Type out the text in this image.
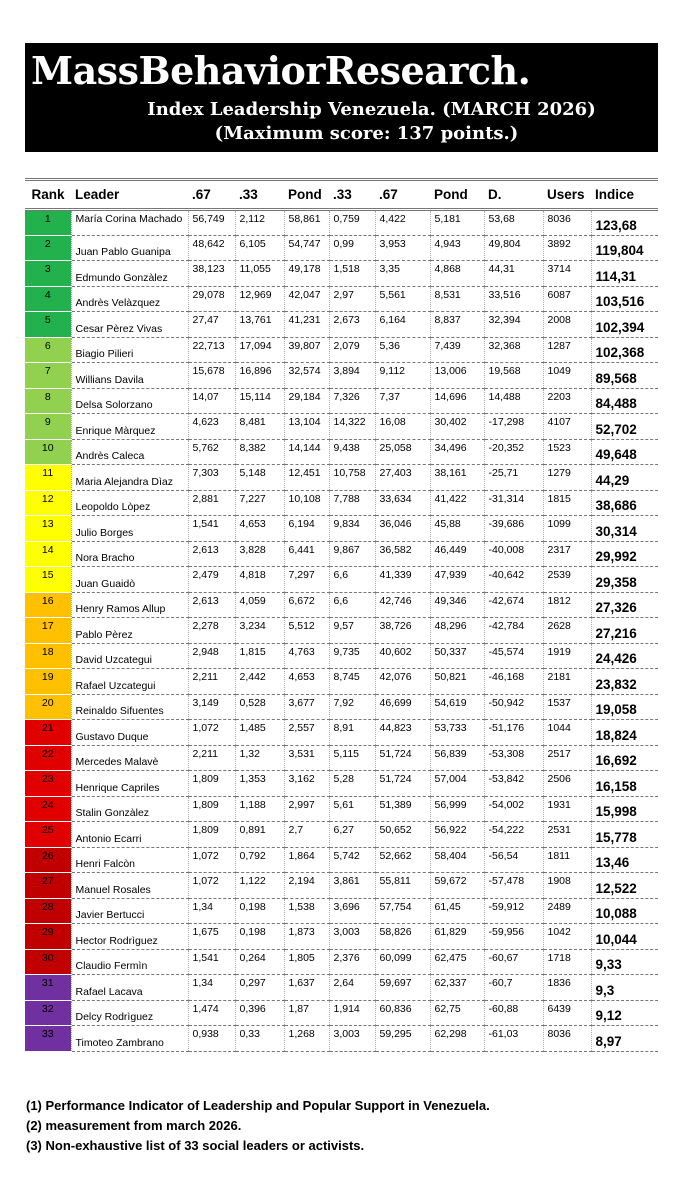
MassBehaviorResearch.
Index Leadership Venezuela. (MARCH 2026)
(Maximum score: 137 points.)
Rank	Leader	.67	.33	Pond	.33	.67	Pond	D.	Users	Indice
1	María Corina Machado	56,749	2,112	58,861	0,759	4,422	5,181	53,68	8036	123,68
2	Juan Pablo Guanipa	48,642	6,105	54,747	0,99	3,953	4,943	49,804	3892	119,804
3	Edmundo Gonzàlez	38,123	11,055	49,178	1,518	3,35	4,868	44,31	3714	114,31
4	Andrès Velàzquez	29,078	12,969	42,047	2,97	5,561	8,531	33,516	6087	103,516
5	Cesar Pèrez Vivas	27,47	13,761	41,231	2,673	6,164	8,837	32,394	2008	102,394
6	Biagio Pilieri	22,713	17,094	39,807	2,079	5,36	7,439	32,368	1287	102,368
7	Willians Davila	15,678	16,896	32,574	3,894	9,112	13,006	19,568	1049	89,568
8	Delsa Solorzano	14,07	15,114	29,184	7,326	7,37	14,696	14,488	2203	84,488
9	Enrique Màrquez	4,623	8,481	13,104	14,322	16,08	30,402	-17,298	4107	52,702
10	Andrès Caleca	5,762	8,382	14,144	9,438	25,058	34,496	-20,352	1523	49,648
11	Maria Alejandra Dìaz	7,303	5,148	12,451	10,758	27,403	38,161	-25,71	1279	44,29
12	Leopoldo Lòpez	2,881	7,227	10,108	7,788	33,634	41,422	-31,314	1815	38,686
13	Julio Borges	1,541	4,653	6,194	9,834	36,046	45,88	-39,686	1099	30,314
14	Nora Bracho	2,613	3,828	6,441	9,867	36,582	46,449	-40,008	2317	29,992
15	Juan Guaidò	2,479	4,818	7,297	6,6	41,339	47,939	-40,642	2539	29,358
16	Henry Ramos Allup	2,613	4,059	6,672	6,6	42,746	49,346	-42,674	1812	27,326
17	Pablo Pèrez	2,278	3,234	5,512	9,57	38,726	48,296	-42,784	2628	27,216
18	David Uzcategui	2,948	1,815	4,763	9,735	40,602	50,337	-45,574	1919	24,426
19	Rafael Uzcategui	2,211	2,442	4,653	8,745	42,076	50,821	-46,168	2181	23,832
20	Reinaldo Sifuentes	3,149	0,528	3,677	7,92	46,699	54,619	-50,942	1537	19,058
21	Gustavo Duque	1,072	1,485	2,557	8,91	44,823	53,733	-51,176	1044	18,824
22	Mercedes Malavè	2,211	1,32	3,531	5,115	51,724	56,839	-53,308	2517	16,692
23	Henrique Capriles	1,809	1,353	3,162	5,28	51,724	57,004	-53,842	2506	16,158
24	Stalin Gonzàlez	1,809	1,188	2,997	5,61	51,389	56,999	-54,002	1931	15,998
25	Antonio Ecarri	1,809	0,891	2,7	6,27	50,652	56,922	-54,222	2531	15,778
26	Henri Falcòn	1,072	0,792	1,864	5,742	52,662	58,404	-56,54	1811	13,46
27	Manuel Rosales	1,072	1,122	2,194	3,861	55,811	59,672	-57,478	1908	12,522
28	Javier Bertucci	1,34	0,198	1,538	3,696	57,754	61,45	-59,912	2489	10,088
29	Hector Rodrìguez	1,675	0,198	1,873	3,003	58,826	61,829	-59,956	1042	10,044
30	Claudio Fermìn	1,541	0,264	1,805	2,376	60,099	62,475	-60,67	1718	9,33
31	Rafael Lacava	1,34	0,297	1,637	2,64	59,697	62,337	-60,7	1836	9,3
32	Delcy Rodrìguez	1,474	0,396	1,87	1,914	60,836	62,75	-60,88	6439	9,12
33	Timoteo Zambrano	0,938	0,33	1,268	3,003	59,295	62,298	-61,03	8036	8,97
(1) Performance Indicator of Leadership and Popular Support in Venezuela.
(2) measurement from march 2026.
(3) Non-exhaustive list of 33 social leaders or activists.
